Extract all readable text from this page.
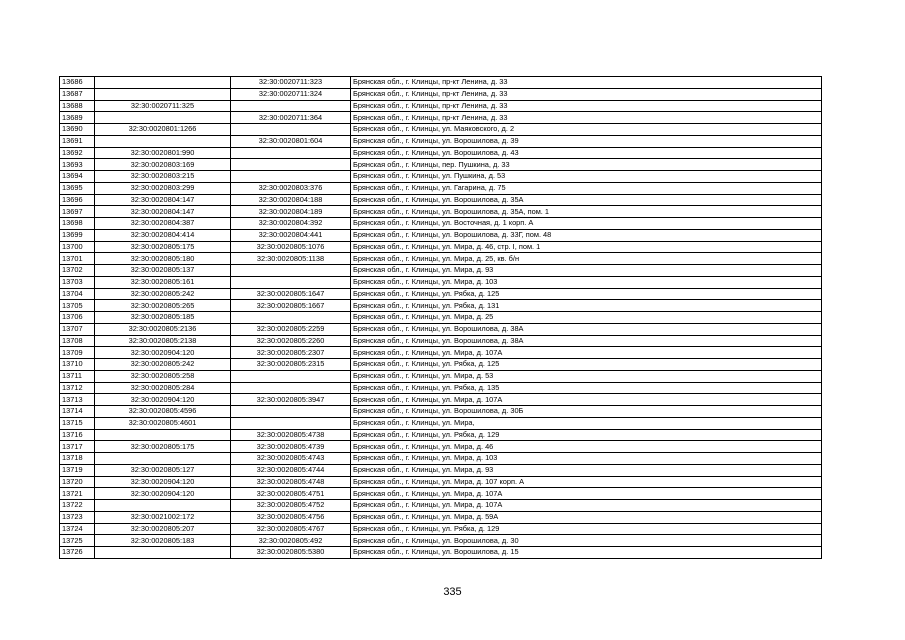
13686		32:30:0020711:323	Брянская обл., г. Клинцы, пр-кт Ленина, д. 33
13687		32:30:0020711:324	Брянская обл., г. Клинцы, пр-кт Ленина, д. 33
13688	32:30:0020711:325		Брянская обл., г. Клинцы, пр-кт Ленина, д. 33
13689		32:30:0020711:364	Брянская обл., г. Клинцы, пр-кт Ленина, д. 33
13690	32:30:0020801:1266		Брянская обл., г. Клинцы, ул. Маяковского, д. 2
13691		32:30:0020801:604	Брянская обл., г. Клинцы, ул. Ворошилова, д. 39
13692	32:30:0020801:990		Брянская обл., г. Клинцы, ул. Ворошилова, д. 43
13693	32:30:0020803:169		Брянская обл., г. Клинцы, пер. Пушкина, д. 33
13694	32:30:0020803:215		Брянская обл., г. Клинцы, ул. Пушкина, д. 53
13695	32:30:0020803:299	32:30:0020803:376	Брянская обл., г. Клинцы, ул. Гагарина, д. 75
13696	32:30:0020804:147	32:30:0020804:188	Брянская обл., г. Клинцы, ул. Ворошилова, д. 35А
13697	32:30:0020804:147	32:30:0020804:189	Брянская обл., г. Клинцы, ул. Ворошилова, д. 35А, пом. 1
13698	32:30:0020804:387	32:30:0020804:392	Брянская обл., г. Клинцы, ул. Восточная, д. 1 корп. А
13699	32:30:0020804:414	32:30:0020804:441	Брянская обл., г. Клинцы, ул. Ворошилова, д. 33Г, пом. 48
13700	32:30:0020805:175	32:30:0020805:1076	Брянская обл., г. Клинцы, ул. Мира, д. 46, стр. I, пом. 1
13701	32:30:0020805:180	32:30:0020805:1138	Брянская обл., г. Клинцы, ул. Мира, д. 25, кв. б/н
13702	32:30:0020805:137		Брянская обл., г. Клинцы, ул. Мира, д. 93
13703	32:30:0020805:161		Брянская обл., г. Клинцы, ул. Мира, д. 103
13704	32:30:0020805:242	32:30:0020805:1647	Брянская обл., г. Клинцы, ул. Рябка, д. 125
13705	32:30:0020805:265	32:30:0020805:1667	Брянская обл., г. Клинцы, ул. Рябка, д. 131
13706	32:30:0020805:185		Брянская обл., г. Клинцы, ул. Мира, д. 25
13707	32:30:0020805:2136	32:30:0020805:2259	Брянская обл., г. Клинцы, ул. Ворошилова, д. 38А
13708	32:30:0020805:2138	32:30:0020805:2260	Брянская обл., г. Клинцы, ул. Ворошилова, д. 38А
13709	32:30:0020904:120	32:30:0020805:2307	Брянская обл., г. Клинцы, ул. Мира, д. 107А
13710	32:30:0020805:242	32:30:0020805:2315	Брянская обл., г. Клинцы, ул. Рябка, д. 125
13711	32:30:0020805:258		Брянская обл., г. Клинцы, ул. Мира, д. 53
13712	32:30:0020805:284		Брянская обл., г. Клинцы, ул. Рябка, д. 135
13713	32:30:0020904:120	32:30:0020805:3947	Брянская обл., г. Клинцы, ул. Мира, д. 107А
13714	32:30:0020805:4596		Брянская обл., г. Клинцы, ул. Ворошилова, д. 30Б
13715	32:30:0020805:4601		Брянская обл., г. Клинцы, ул. Мира,
13716		32:30:0020805:4738	Брянская обл., г. Клинцы, ул. Рябка, д. 129
13717	32:30:0020805:175	32:30:0020805:4739	Брянская обл., г. Клинцы, ул. Мира, д. 46
13718		32:30:0020805:4743	Брянская обл., г. Клинцы, ул. Мира, д. 103
13719	32:30:0020805:127	32:30:0020805:4744	Брянская обл., г. Клинцы, ул. Мира, д. 93
13720	32:30:0020904:120	32:30:0020805:4748	Брянская обл., г. Клинцы, ул. Мира, д. 107 корп. А
13721	32:30:0020904:120	32:30:0020805:4751	Брянская обл., г. Клинцы, ул. Мира, д. 107А
13722		32:30:0020805:4752	Брянская обл., г. Клинцы, ул. Мира, д. 107А
13723	32:30:0021002:172	32:30:0020805:4756	Брянская обл., г. Клинцы, ул. Мира, д. 59А
13724	32:30:0020805:207	32:30:0020805:4767	Брянская обл., г. Клинцы, ул. Рябка, д. 129
13725	32:30:0020805:183	32:30:0020805:492	Брянская обл., г. Клинцы, ул. Ворошилова, д. 30
13726		32:30:0020805:5380	Брянская обл., г. Клинцы, ул. Ворошилова, д. 15
335
